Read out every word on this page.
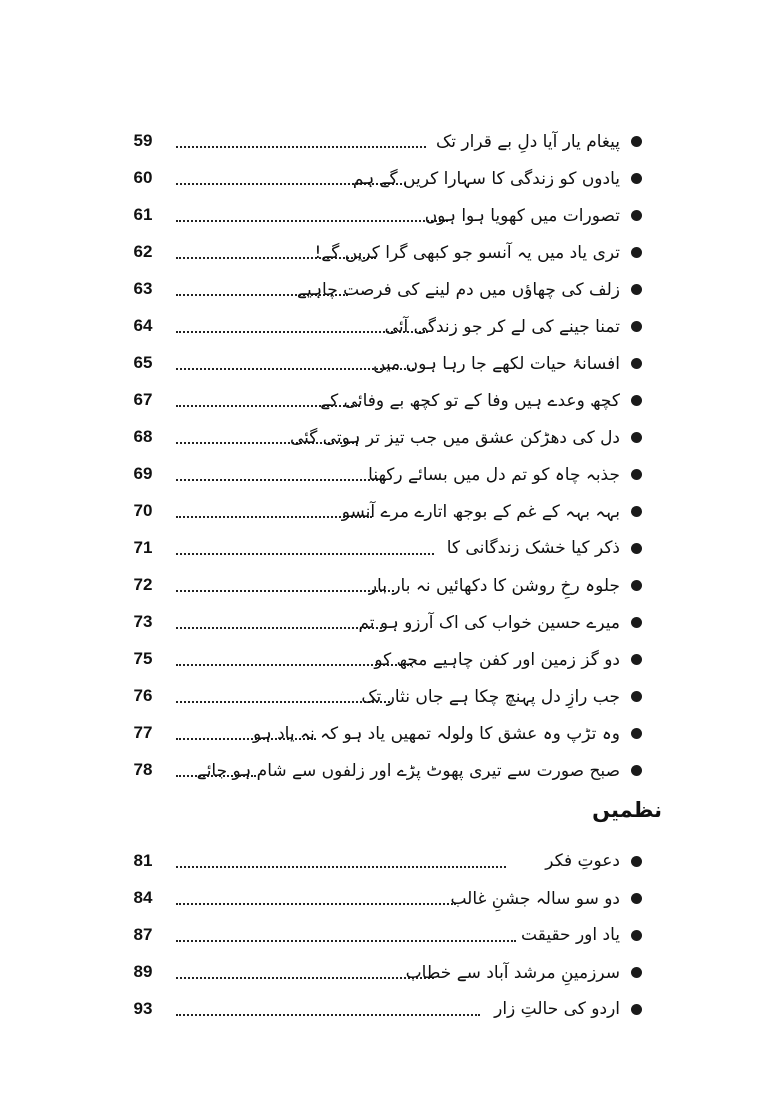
59	پیغام یار آیا دلِ بے قرار تک
60	یادوں کو زندگی کا سہارا کریں گے ہم
61	تصورات میں کھویا ہوا ہوں
62	تری یاد میں یہ آنسو جو کبھی گرا کریں گے!
63	زلف کی چھاؤں میں دم لینے کی فرصت چاہیے
64	تمنا جینے کی لے کر جو زندگی آئی
65	افسانۂ حیات لکھے جا رہا ہوں میں
67	کچھ وعدے ہیں وفا کے تو کچھ بے وفائی کے
68	دل کی دھڑکن عشق میں جب تیز تر ہوتی گئی
69	جذبہ چاہ کو تم دل میں بسائے رکھنا
70	بہہ بہہ کے غم کے بوجھ اتارے مرے آنسو
71	ذکر کیا خشک زندگانی کا
72	جلوہ رخِ روشن کا دکھائیں نہ بار بار
73	میرے حسین خواب کی اک آرزو ہو تم
75	دو گز زمین اور کفن چاہیے مجھ کو
76	جب رازِ دل پہنچ چکا ہے جاں نثار تک
77	وہ تڑپ وہ عشق کا ولولہ تمھیں یاد ہو کہ نہ یاد ہو
78	صبح صورت سے تیری پھوٹ پڑے اور زلفوں سے شام ہو جائے
نظمیں
81	دعوتِ فکر
84	دو سو سالہ جشنِ غالب
87	یاد اور حقیقت
89	سرزمینِ مرشد آباد سے خطاب
93	اردو کی حالتِ زار
